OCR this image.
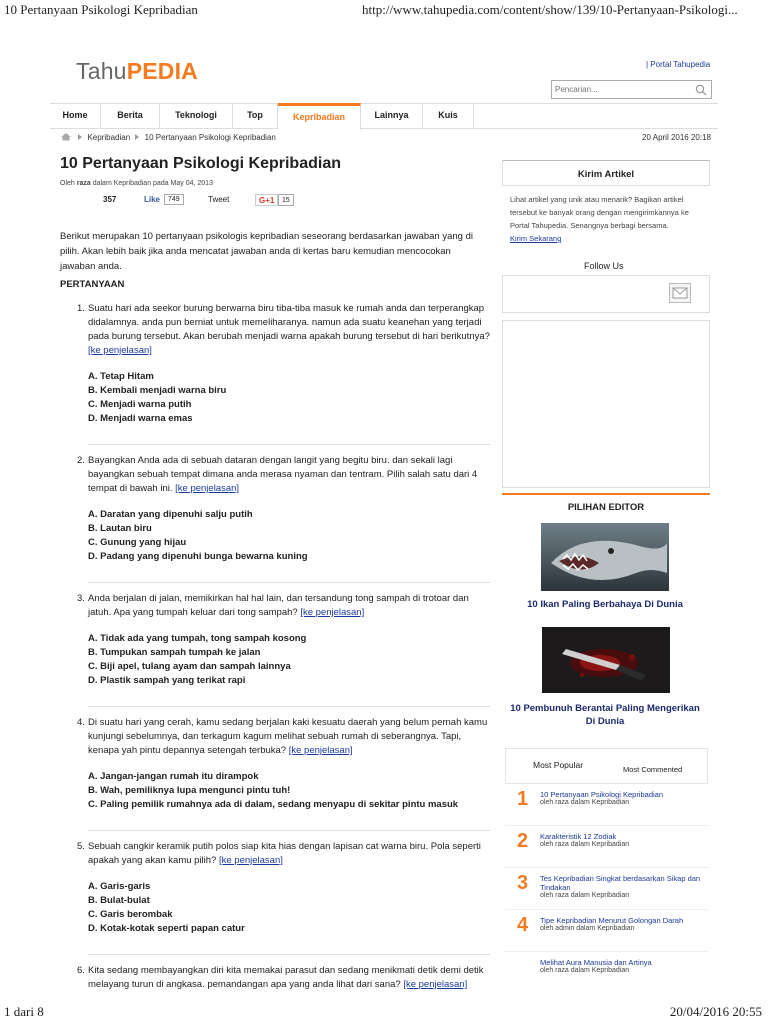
10 Pertanyaan Psikologi Kepribadian	http://www.tahupedia.com/content/show/139/10-Pertanyaan-Psikologi...
TahuPEDIA	| Portal Tahupedia
Pencarian...
Home	Berita	Teknologi	Top	Kepribadian	Lainnya	Kuis
Kepribadian 10 Pertanyaan Psikologi Kepribadian	20 April 2016 20:18
10 Pertanyaan Psikologi Kepribadian
Oleh raza dalam Kepribadian pada May 04, 2013
357	Like	749	Tweet	G+1	15

Berikut merupakan 10 pertanyaan psikologis kepribadian seseorang berdasarkan jawaban yang di pilih. Akan lebih baik jika anda mencatat jawaban anda di kertas baru kemudian mencocokan jawaban anda.

PERTANYAAN
1. Suatu hari ada seekor burung berwarna biru tiba-tiba masuk ke rumah anda dan terperangkap didalamnya. anda pun berniat untuk memeliharanya. namun ada suatu keanehan yang terjadi pada burung tersebut. Akan berubah menjadi warna apakah burung tersebut di hari berikutnya? [ke penjelasan]
A. Tetap Hitam
B. Kembali menjadi warna biru
C. Menjadi warna putih
D. Menjadi warna emas
2. Bayangkan Anda ada di sebuah dataran dengan langit yang begitu biru. dan sekali lagi bayangkan sebuah tempat dimana anda merasa nyaman dan tentram. Pilih salah satu dari 4 tempat di bawah ini. [ke penjelasan]
A. Daratan yang dipenuhi salju putih
B. Lautan biru
C. Gunung yang hijau
D. Padang yang dipenuhi bunga bewarna kuning
3. Anda berjalan di jalan, memikirkan hal hal lain, dan tersandung tong sampah di trotoar dan jatuh. Apa yang tumpah keluar dari tong sampah? [ke penjelasan]
A. Tidak ada yang tumpah, tong sampah kosong
B. Tumpukan sampah tumpah ke jalan
C. Biji apel, tulang ayam dan sampah lainnya
D. Plastik sampah yang terikat rapi
4. Di suatu hari yang cerah, kamu sedang berjalan kaki kesuatu daerah yang belum pernah kamu kunjungi sebelumnya, dan terkagum kagum melihat sebuah rumah di seberangnya. Tapi, kenapa yah pintu depannya setengah terbuka? [ke penjelasan]
A. Jangan-jangan rumah itu dirampok
B. Wah, pemiliknya lupa mengunci pintu tuh!
C. Paling pemilik rumahnya ada di dalam, sedang menyapu di sekitar pintu masuk
5. Sebuah cangkir keramik putih polos siap kita hias dengan lapisan cat warna biru. Pola seperti apakah yang akan kamu pilih? [ke penjelasan]
A. Garis-garis
B. Bulat-bulat
C. Garis berombak
D. Kotak-kotak seperti papan catur
6. Kita sedang membayangkan diri kita memakai parasut dan sedang menikmati detik demi detik melayang turun di angkasa. pemandangan apa yang anda lihat dari sana? [ke penjelasan]
Kirim Artikel
Lihat artikel yang unik atau menarik? Bagikan artikel tersebut ke banyak orang dengan mengirimkannya ke Portal Tahupedia. Senangnya berbagi bersama.
Kirim Sekarang
Follow Us
PILIHAN EDITOR
10 Ikan Paling Berbahaya Di Dunia
10 Pembunuh Berantai Paling Mengerikan Di Dunia
Most Popular	Most Commented
1 10 Pertanyaan Psikologi Kepribadian
oleh raza dalam Kepribadian
2 Karakteristik 12 Zodiak
oleh raza dalam Kepribadian
3 Tes Kepribadian Singkat berdasarkan Sikap dan Tindakan
oleh raza dalam Kepribadian
4 Tipe Kepribadian Menurut Golongan Darah
oleh admin dalam Kepribadian
Melihat Aura Manusia dan Artinya
oleh raza dalam Kepribadian
1 dari 8	20/04/2016 20:55
